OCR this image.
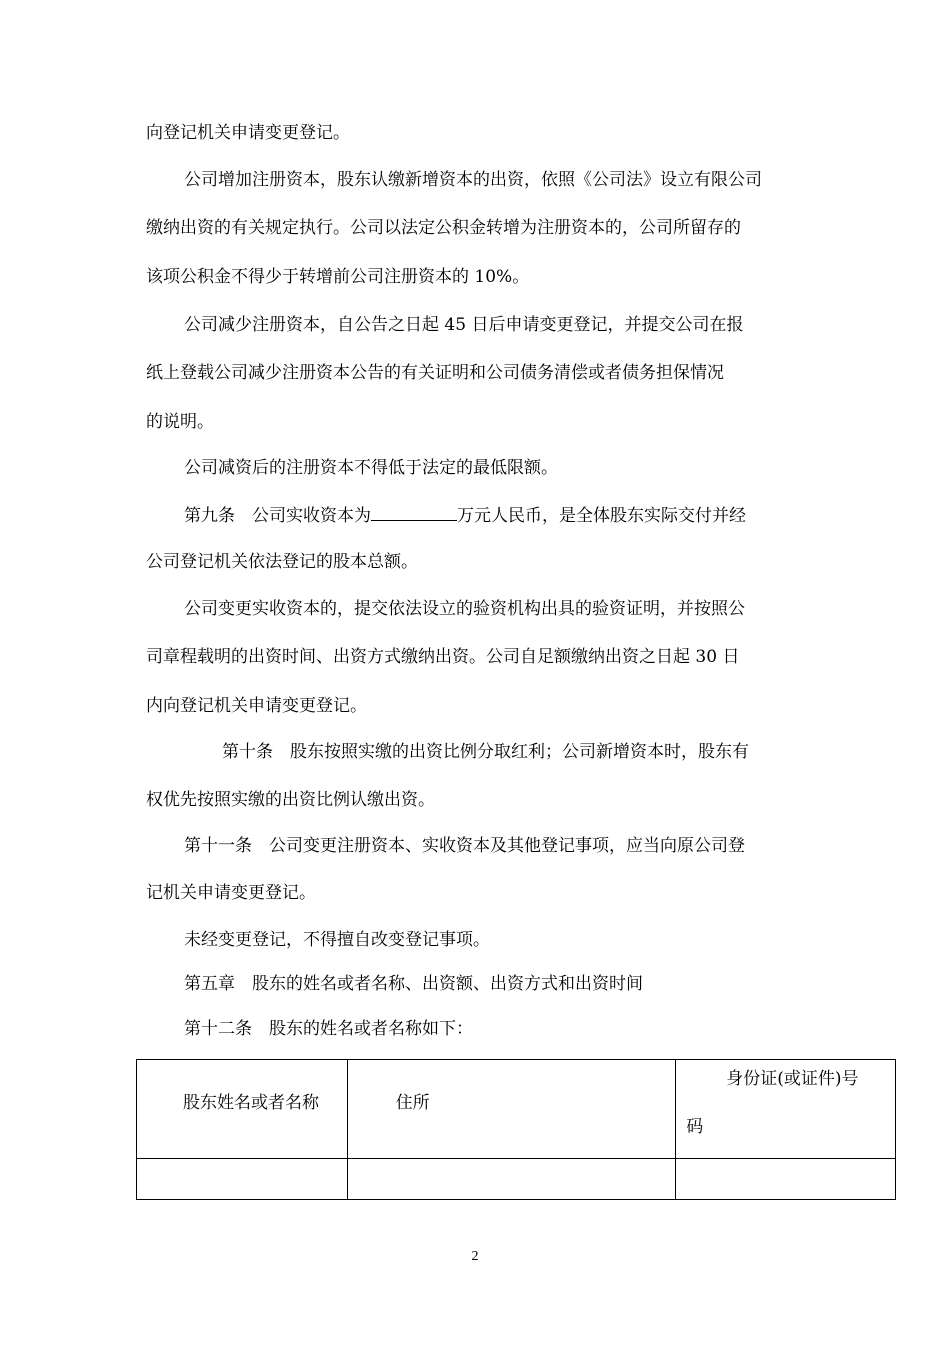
向登记机关申请变更登记。
公司增加注册资本，股东认缴新增资本的出资，依照《公司法》设立有限公司
缴纳出资的有关规定执行。公司以法定公积金转增为注册资本的，公司所留存的
该项公积金不得少于转增前公司注册资本的 10%。
公司减少注册资本，自公告之日起 45 日后申请变更登记，并提交公司在报
纸上登载公司减少注册资本公告的有关证明和公司债务清偿或者债务担保情况
的说明。
公司减资后的注册资本不得低于法定的最低限额。
第九条　公司实收资本为	万元人民币，是全体股东实际交付并经
公司登记机关依法登记的股本总额。
公司变更实收资本的，提交依法设立的验资机构出具的验资证明，并按照公
司章程载明的出资时间、出资方式缴纳出资。公司自足额缴纳出资之日起 30 日
内向登记机关申请变更登记。
第十条　股东按照实缴的出资比例分取红利；公司新增资本时，股东有
权优先按照实缴的出资比例认缴出资。
第十一条　公司变更注册资本、实收资本及其他登记事项，应当向原公司登
记机关申请变更登记。
未经变更登记，不得擅自改变登记事项。
第五章　股东的姓名或者名称、出资额、出资方式和出资时间
第十二条　股东的姓名或者名称如下：
股东姓名或者名称	住所	身份证(或证件)号
码

2
